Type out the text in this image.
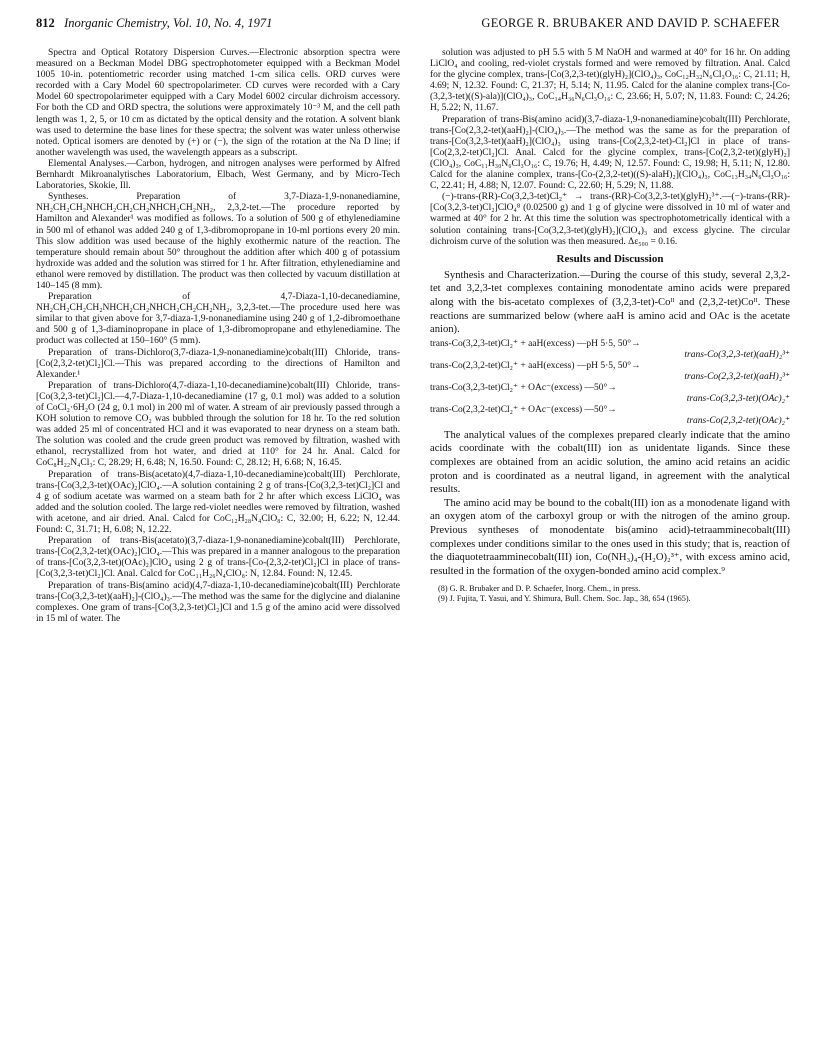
812 Inorganic Chemistry, Vol. 10, No. 4, 1971	GEORGE R. BRUBAKER AND DAVID P. SCHAEFER

Spectra and Optical Rotatory Dispersion Curves.—Electronic absorption spectra were measured on a Beckman Model DBG spectrophotometer equipped with a Beckman Model 1005 10-in. potentiometric recorder using matched 1-cm silica cells. ORD curves were recorded with a Cary Model 60 spectropolarimeter. CD curves were recorded with a Cary Model 60 spectropolarimeter equipped with a Cary Model 6002 circular dichroism accessory. For both the CD and ORD spectra, the solutions were approximately 10⁻³ M, and the cell path length was 1, 2, 5, or 10 cm as dictated by the optical density and the rotation. A solvent blank was used to determine the base lines for these spectra; the solvent was water unless otherwise noted. Optical isomers are denoted by (+) or (−), the sign of the rotation at the Na D line; if another wavelength was used, the wavelength appears as a subscript.

Elemental Analyses.—Carbon, hydrogen, and nitrogen analyses were performed by Alfred Bernhardt Mikroanalytisches Laboratorium, Elbach, West Germany, and by Micro-Tech Laboratories, Skokie, Ill.

Syntheses. Preparation of 3,7-Diaza-1,9-nonanediamine, NH₂CH₂CH₂NHCH₂CH₂CH₂NHCH₂CH₂NH₂, 2,3,2-tet.—The procedure reported by Hamilton and Alexander¹ was modified as follows. To a solution of 500 g of ethylenediamine in 500 ml of ethanol was added 240 g of 1,3-dibromopropane in 10-ml portions every 20 min. This slow addition was used because of the highly exothermic nature of the reaction. The temperature should remain about 50° throughout the addition after which 400 g of potassium hydroxide was added and the solution was stirred for 1 hr. After filtration, ethylenediamine and ethanol were removed by distillation. The product was then collected by vacuum distillation at 140–145 (8 mm).

Preparation of 4,7-Diaza-1,10-decanediamine, NH₂CH₂CH₂CH₂NHCH₂CH₂NHCH₂CH₂CH₂NH₂, 3,2,3-tet.—The procedure used here was similar to that given above for 3,7-diaza-1,9-nonanediamine using 240 g of 1,2-dibromoethane and 500 g of 1,3-diaminopropane in place of 1,3-dibromopropane and ethylenediamine. The product was collected at 150–160° (5 mm).

Preparation of trans-Dichloro(3,7-diaza-1,9-nonanediamine)cobalt(III) Chloride, trans-[Co(2,3,2-tet)Cl₂]Cl.—This was prepared according to the directions of Hamilton and Alexander.¹

Preparation of trans-Dichloro(4,7-diaza-1,10-decanediamine)cobalt(III) Chloride, trans-[Co(3,2,3-tet)Cl₂]Cl.—4,7-Diaza-1,10-decanediamine (17 g, 0.1 mol) was added to a solution of CoCl₂·6H₂O (24 g, 0.1 mol) in 200 ml of water. A stream of air previously passed through a KOH solution to remove CO₂ was bubbled through the solution for 18 hr. To the red solution was added 25 ml of concentrated HCl and it was evaporated to near dryness on a steam bath. The solution was cooled and the crude green product was removed by filtration, washed with ethanol, recrystallized from hot water, and dried at 110° for 24 hr. Anal. Calcd for CoC₈H₂₂N₄Cl₃: C, 28.29; H, 6.48; N, 16.50. Found: C, 28.12; H, 6.68; N, 16.45.

Preparation of trans-Bis(acetato)(4,7-diaza-1,10-decanediamine)cobalt(III) Perchlorate, trans-[Co(3,2,3-tet)(OAc)₂]ClO₄.—A solution containing 2 g of trans-[Co(3,2,3-tet)Cl₂]Cl and 4 g of sodium acetate was warmed on a steam bath for 2 hr after which excess LiClO₄ was added and the solution cooled. The large red-violet needles were removed by filtration, washed with acetone, and air dried. Anal. Calcd for CoC₁₂H₂₈N₄ClO₈: C, 32.00; H, 6.22; N, 12.44. Found: C, 31.71; H, 6.08; N, 12.22.

Preparation of trans-Bis(acetato)(3,7-diaza-1,9-nonanediamine)cobalt(III) Perchlorate, trans-[Co(2,3,2-tet)(OAc)₂]ClO₄.—This was prepared in a manner analogous to the preparation of trans-[Co(3,2,3-tet)(OAc)₂]ClO₄ using 2 g of trans-[Co-(2,3,2-tet)Cl₂]Cl in place of trans-[Co(3,2,3-tet)Cl₂]Cl. Anal. Calcd for CoC₁₁H₂₆N₄ClO₈: N, 12.84. Found: N, 12.45.

Preparation of trans-Bis(amino acid)(4,7-diaza-1,10-decanediamine)cobalt(III) Perchlorate trans-[Co(3,2,3-tet)(aaH)₂]-(ClO₄)₃.—The method was the same for the diglycine and dialanine complexes. One gram of trans-[Co(3,2,3-tet)Cl₂]Cl and 1.5 g of the amino acid were dissolved in 15 ml of water. The

solution was adjusted to pH 5.5 with 5 M NaOH and warmed at 40° for 16 hr. On adding LiClO₄ and cooling, red-violet crystals formed and were removed by filtration. Anal. Calcd for the glycine complex, trans-[Co(3,2,3-tet)(glyH)₂](ClO₄)₃, CoC₁₂H₃₂N₆Cl₃O₁₆: C, 21.11; H, 4.69; N, 12.32. Found: C, 21.37; H, 5.14; N, 11.95. Calcd for the alanine complex trans-[Co-(3,2,3-tet)((S)-ala)](ClO₄)₃, CoC₁₄H₃₆N₆Cl₃O₁₆: C, 23.66; H, 5.07; N, 11.83. Found: C, 24.26; H, 5.22; N, 11.67.

Preparation of trans-Bis(amino acid)(3,7-diaza-1,9-nonanediamine)cobalt(III) Perchlorate, trans-[Co(2,3,2-tet)(aaH)₂]-(ClO₄)₃.—The method was the same as for the preparation of trans-[Co(3,2,3-tet)(aaH)₂](ClO₄)₃ using trans-[Co(2,3,2-tet)-Cl₂]Cl in place of trans-[Co(2,3,2-tet)Cl₂]Cl. Anal. Calcd for the glycine complex, trans-[Co(2,3,2-tet)(glyH)₂](ClO₄)₃, CoC₁₁H₃₀N₆Cl₃O₁₆: C, 19.76; H, 4.49; N, 12.57. Found: C, 19.98; H, 5.11; N, 12.80. Calcd for the alanine complex, trans-[Co-(2,3,2-tet)((S)-alaH)₂](ClO₄)₃, CoC₁₃H₃₄N₆Cl₃O₁₆: C, 22.41; H, 4.88; N, 12.07. Found: C, 22.60; H, 5.29; N, 11.88.

(−)-trans-(RR)-Co(3,2,3-tet)Cl₂⁺ → trans-(RR)-Co(3,2,3-tet)(glyH)₂³⁺.—(−)-trans-(RR)-[Co(3,2,3-tet)Cl₂]ClO₄⁸ (0.02500 g) and 1 g of glycine were dissolved in 10 ml of water and warmed at 40° for 2 hr. At this time the solution was spectrophotometrically identical with a solution containing trans-[Co(3,2,3-tet)(glyH)₂](ClO₄)₃ and excess glycine. The circular dichroism curve of the solution was then measured. Δε₅₀₀ = 0.16.

Results and Discussion

Synthesis and Characterization.—During the course of this study, several 2,3,2-tet and 3,2,3-tet complexes containing monodentate amino acids were prepared along with the bis-acetato complexes of (3,2,3-tet)-Coᴵᴵ and (2,3,2-tet)Coᴵᴵ. These reactions are summarized below (where aaH is amino acid and OAc is the acetate anion).

trans-Co(3,2,3-tet)Cl₂⁺ + aaH(excess) —pH 5·5, 50°→
trans-Co(3,2,3-tet)(aaH)₂³⁺
trans-Co(2,3,2-tet)Cl₂⁺ + aaH(excess) —pH 5·5, 50°→
trans-Co(2,3,2-tet)(aaH)₂³⁺
trans-Co(3,2,3-tet)Cl₂⁺ + OAc⁻(excess) —50°→
trans-Co(3,2,3-tet)(OAc)₂⁺
trans-Co(2,3,2-tet)Cl₂⁺ + OAc⁻(excess) —50°→
trans-Co(2,3,2-tet)(OAc)₂⁺

The analytical values of the complexes prepared clearly indicate that the amino acids coordinate with the cobalt(III) ion as unidentate ligands. Since these complexes are obtained from an acidic solution, the amino acid retains an acidic proton and is coordinated as a neutral ligand, in agreement with the analytical results.

The amino acid may be bound to the cobalt(III) ion as a monodenate ligand with an oxygen atom of the carboxyl group or with the nitrogen of the amino group. Previous syntheses of monodentate bis(amino acid)-tetraamminecobalt(III) complexes under conditions similar to the ones used in this study; that is, reaction of the diaquotetraamminecobalt(III) ion, Co(NH₃)₄-(H₂O)₂³⁺, with excess amino acid, resulted in the formation of the oxygen-bonded amino acid complex.⁹

(8) G. R. Brubaker and D. P. Schaefer, Inorg. Chem., in press.
(9) J. Fujita, T. Yasui, and Y. Shimura, Bull. Chem. Soc. Jap., 38, 654 (1965).
